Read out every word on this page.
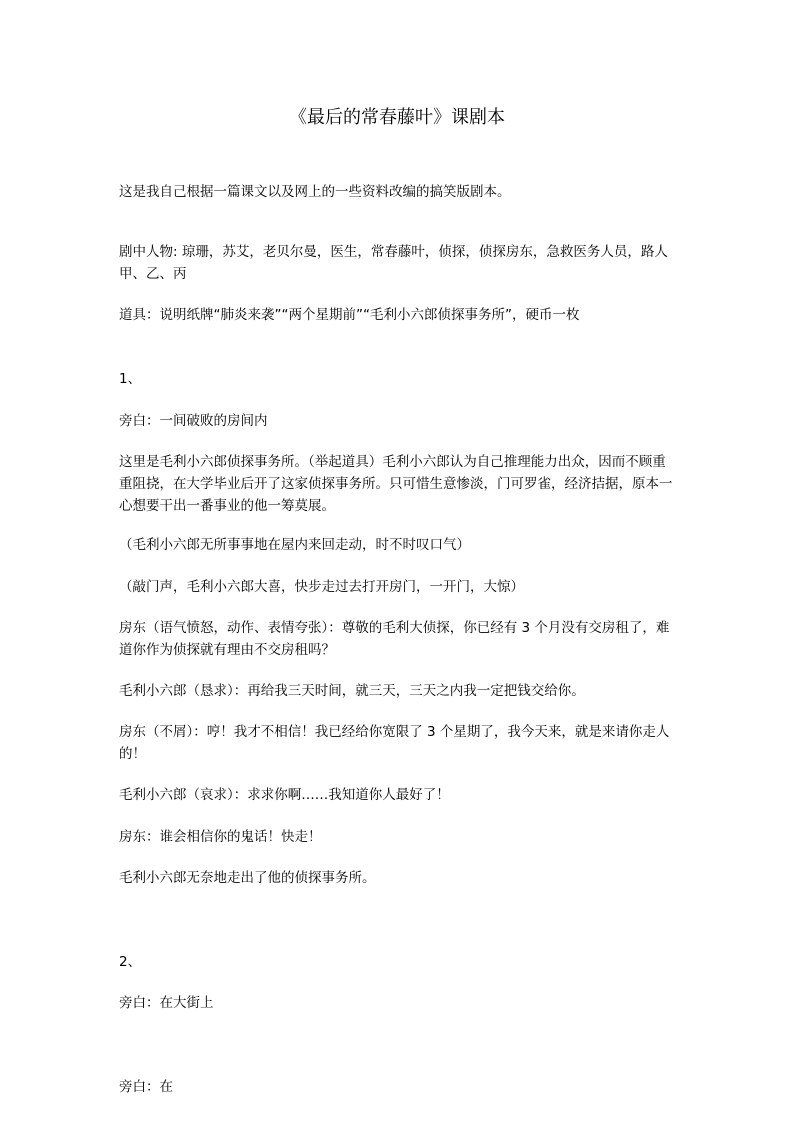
《最后的常春藤叶》课剧本

这是我自己根据一篇课文以及网上的一些资料改编的搞笑版剧本。

剧中人物: 琼珊，苏艾，老贝尔曼，医生，常春藤叶，侦探，侦探房东，急救医务人员，路人甲、乙、丙

道具：说明纸牌“肺炎来袭”“两个星期前”“毛利小六郎侦探事务所”，硬币一枚

1、

旁白：一间破败的房间内

这里是毛利小六郎侦探事务所。（举起道具）毛利小六郎认为自己推理能力出众，因而不顾重重阻挠，在大学毕业后开了这家侦探事务所。只可惜生意惨淡，门可罗雀，经济拮据，原本一心想要干出一番事业的他一筹莫展。

（毛利小六郎无所事事地在屋内来回走动，时不时叹口气）

（敲门声，毛利小六郎大喜，快步走过去打开房门，一开门，大惊）

房东（语气愤怒，动作、表情夸张）：尊敬的毛利大侦探，你已经有 3 个月没有交房租了，难道你作为侦探就有理由不交房租吗？

毛利小六郎（恳求）：再给我三天时间，就三天，三天之内我一定把钱交给你。

房东（不屑）：哼！我才不相信！我已经给你宽限了 3 个星期了，我今天来，就是来请你走人的！

毛利小六郎（哀求）：求求你啊……我知道你人最好了！

房东：谁会相信你的鬼话！快走！

毛利小六郎无奈地走出了他的侦探事务所。

2、

旁白：在大街上

旁白：在
